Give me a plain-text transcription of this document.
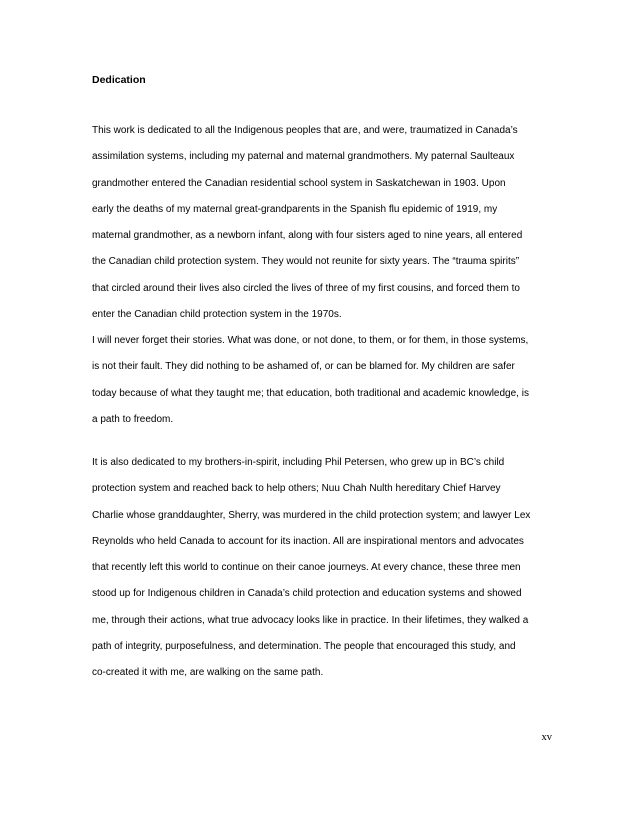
Dedication

This work is dedicated to all the Indigenous peoples that are, and were, traumatized in Canada’s
assimilation systems, including my paternal and maternal grandmothers. My paternal Saulteaux
grandmother entered the Canadian residential school system in Saskatchewan in 1903. Upon
early the deaths of my maternal great-grandparents in the Spanish flu epidemic of 1919, my
maternal grandmother, as a newborn infant, along with four sisters aged to nine years, all entered
the Canadian child protection system. They would not reunite for sixty years. The “trauma spirits”
that circled around their lives also circled the lives of three of my first cousins, and forced them to
enter the Canadian child protection system in the 1970s.

I will never forget their stories. What was done, or not done, to them, or for them, in those systems,
is not their fault. They did nothing to be ashamed of, or can be blamed for. My children are safer
today because of what they taught me; that education, both traditional and academic knowledge, is
a path to freedom.

It is also dedicated to my brothers-in-spirit, including Phil Petersen, who grew up in BC’s child
protection system and reached back to help others; Nuu Chah Nulth hereditary Chief Harvey
Charlie whose granddaughter, Sherry, was murdered in the child protection system; and lawyer Lex
Reynolds who held Canada to account for its inaction. All are inspirational mentors and advocates
that recently left this world to continue on their canoe journeys. At every chance, these three men
stood up for Indigenous children in Canada’s child protection and education systems and showed
me, through their actions, what true advocacy looks like in practice. In their lifetimes, they walked a
path of integrity, purposefulness, and determination. The people that encouraged this study, and
co-created it with me, are walking on the same path.

xv
